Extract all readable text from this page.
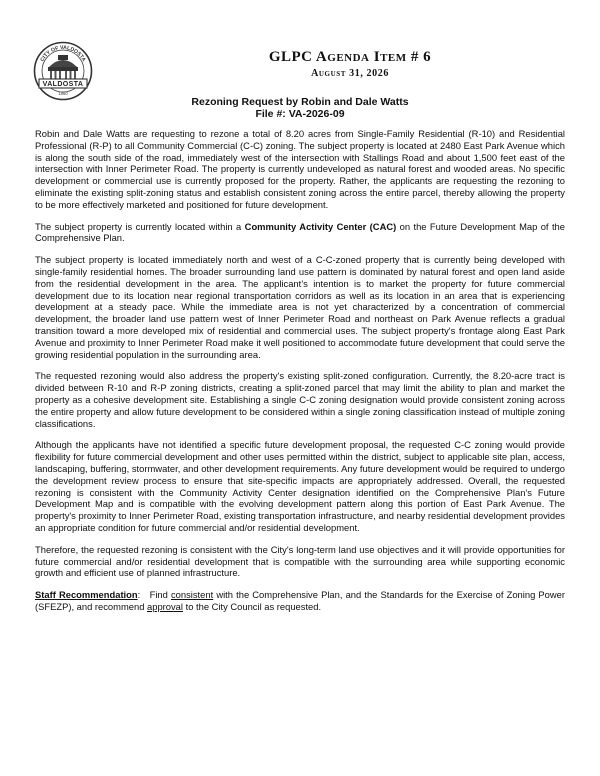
CITY OF VALDOSTA
VALDOSTA
1860
GLPC Agenda Item # 6
August 31, 2026
Rezoning Request by Robin and Dale Watts
File #: VA-2026-09

Robin and Dale Watts are requesting to rezone a total of 8.20 acres from Single-Family Residential (R-10) and Residential Professional (R-P) to all Community Commercial (C-C) zoning. The subject property is located at 2480 East Park Avenue which is along the south side of the road, immediately west of the intersection with Stallings Road and about 1,500 feet east of the intersection with Inner Perimeter Road. The property is currently undeveloped as natural forest and wooded areas. No specific development or commercial use is currently proposed for the property. Rather, the applicants are requesting the rezoning to eliminate the existing split-zoning status and establish consistent zoning across the entire parcel, thereby allowing the property to be more effectively marketed and positioned for future development.

The subject property is currently located within a Community Activity Center (CAC) on the Future Development Map of the Comprehensive Plan.

The subject property is located immediately north and west of a C-C-zoned property that is currently being developed with single-family residential homes. The broader surrounding land use pattern is dominated by natural forest and open land aside from the residential development in the area. The applicant’s intention is to market the property for future commercial development due to its location near regional transportation corridors as well as its location in an area that is experiencing development at a steady pace. While the immediate area is not yet characterized by a concentration of commercial development, the broader land use pattern west of Inner Perimeter Road and northeast on Park Avenue reflects a gradual transition toward a more developed mix of residential and commercial uses. The subject property's frontage along East Park Avenue and proximity to Inner Perimeter Road make it well positioned to accommodate future development that could serve the growing residential population in the surrounding area.

The requested rezoning would also address the property's existing split-zoned configuration. Currently, the 8.20-acre tract is divided between R-10 and R-P zoning districts, creating a split-zoned parcel that may limit the ability to plan and market the property as a cohesive development site. Establishing a single C-C zoning designation would provide consistent zoning across the entire property and allow future development to be considered within a single zoning classification instead of multiple zoning classifications.

Although the applicants have not identified a specific future development proposal, the requested C-C zoning would provide flexibility for future commercial development and other uses permitted within the district, subject to applicable site plan, access, landscaping, buffering, stormwater, and other development requirements. Any future development would be required to undergo the development review process to ensure that site-specific impacts are appropriately addressed. Overall, the requested rezoning is consistent with the Community Activity Center designation identified on the Comprehensive Plan's Future Development Map and is compatible with the evolving development pattern along this portion of East Park Avenue. The property's proximity to Inner Perimeter Road, existing transportation infrastructure, and nearby residential development provides an appropriate condition for future commercial and/or residential development.

Therefore, the requested rezoning is consistent with the City's long-term land use objectives and it will provide opportunities for future commercial and/or residential development that is compatible with the surrounding area while supporting economic growth and efficient use of planned infrastructure.

Staff Recommendation:   Find consistent with the Comprehensive Plan, and the Standards for the Exercise of Zoning Power (SFEZP), and recommend approval to the City Council as requested.
